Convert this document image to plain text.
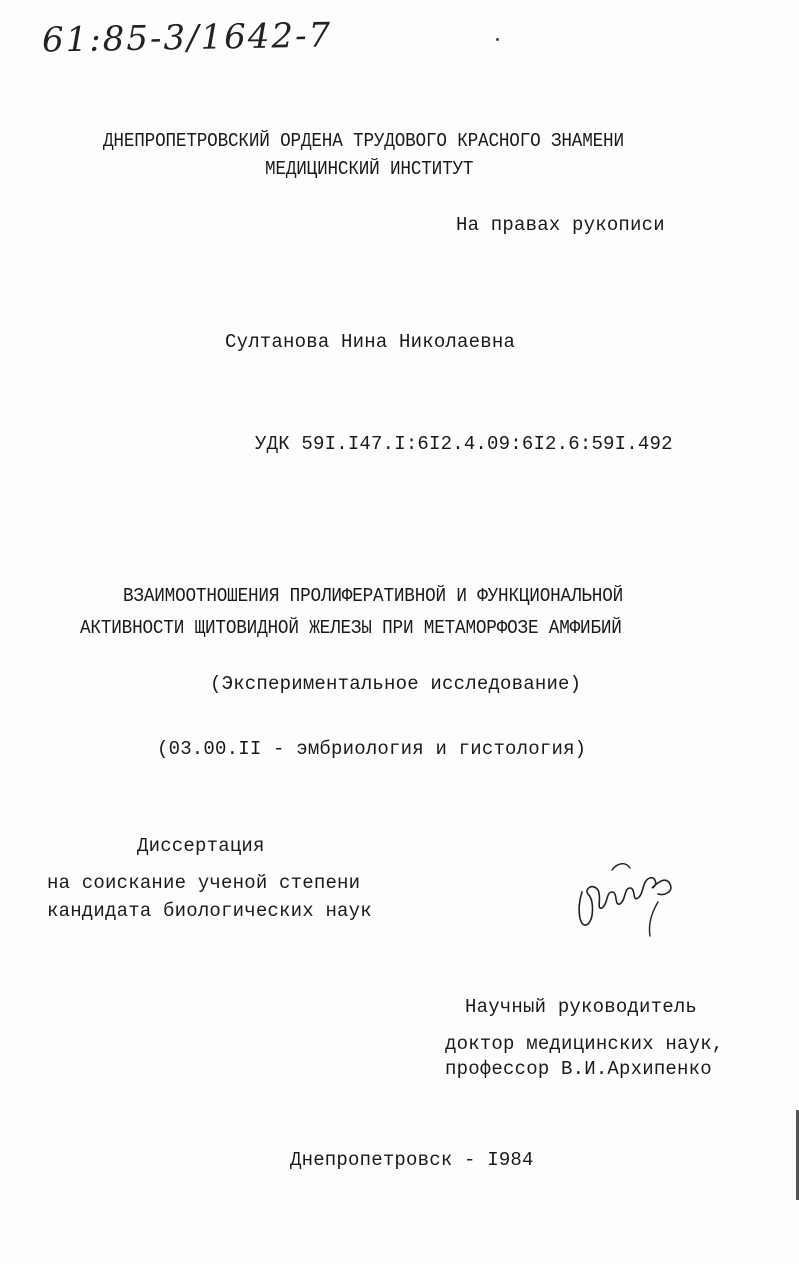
61:85-3/1642-7
ДНЕПРОПЕТРОВСКИЙ ОРДЕНА ТРУДОВОГО КРАСНОГО ЗНАМЕНИ
МЕДИЦИНСКИЙ ИНСТИТУТ
На правах рукописи
Султанова Нина Николаевна
УДК 59I.I47.I:6I2.4.09:6I2.6:59I.492
ВЗАИМООТНОШЕНИЯ ПРОЛИФЕРАТИВНОЙ И ФУНКЦИОНАЛЬНОЙ
АКТИВНОСТИ ЩИТОВИДНОЙ ЖЕЛЕЗЫ ПРИ МЕТАМОРФОЗЕ АМФИБИЙ
(Экспериментальное исследование)
(03.00.II - эмбриология и гистология)
Диссертация
на соискание ученой степени
кандидата биологических наук
Научный руководитель
доктор медицинских наук,
профессор В.И.Архипенко
Днепропетровск - I984
